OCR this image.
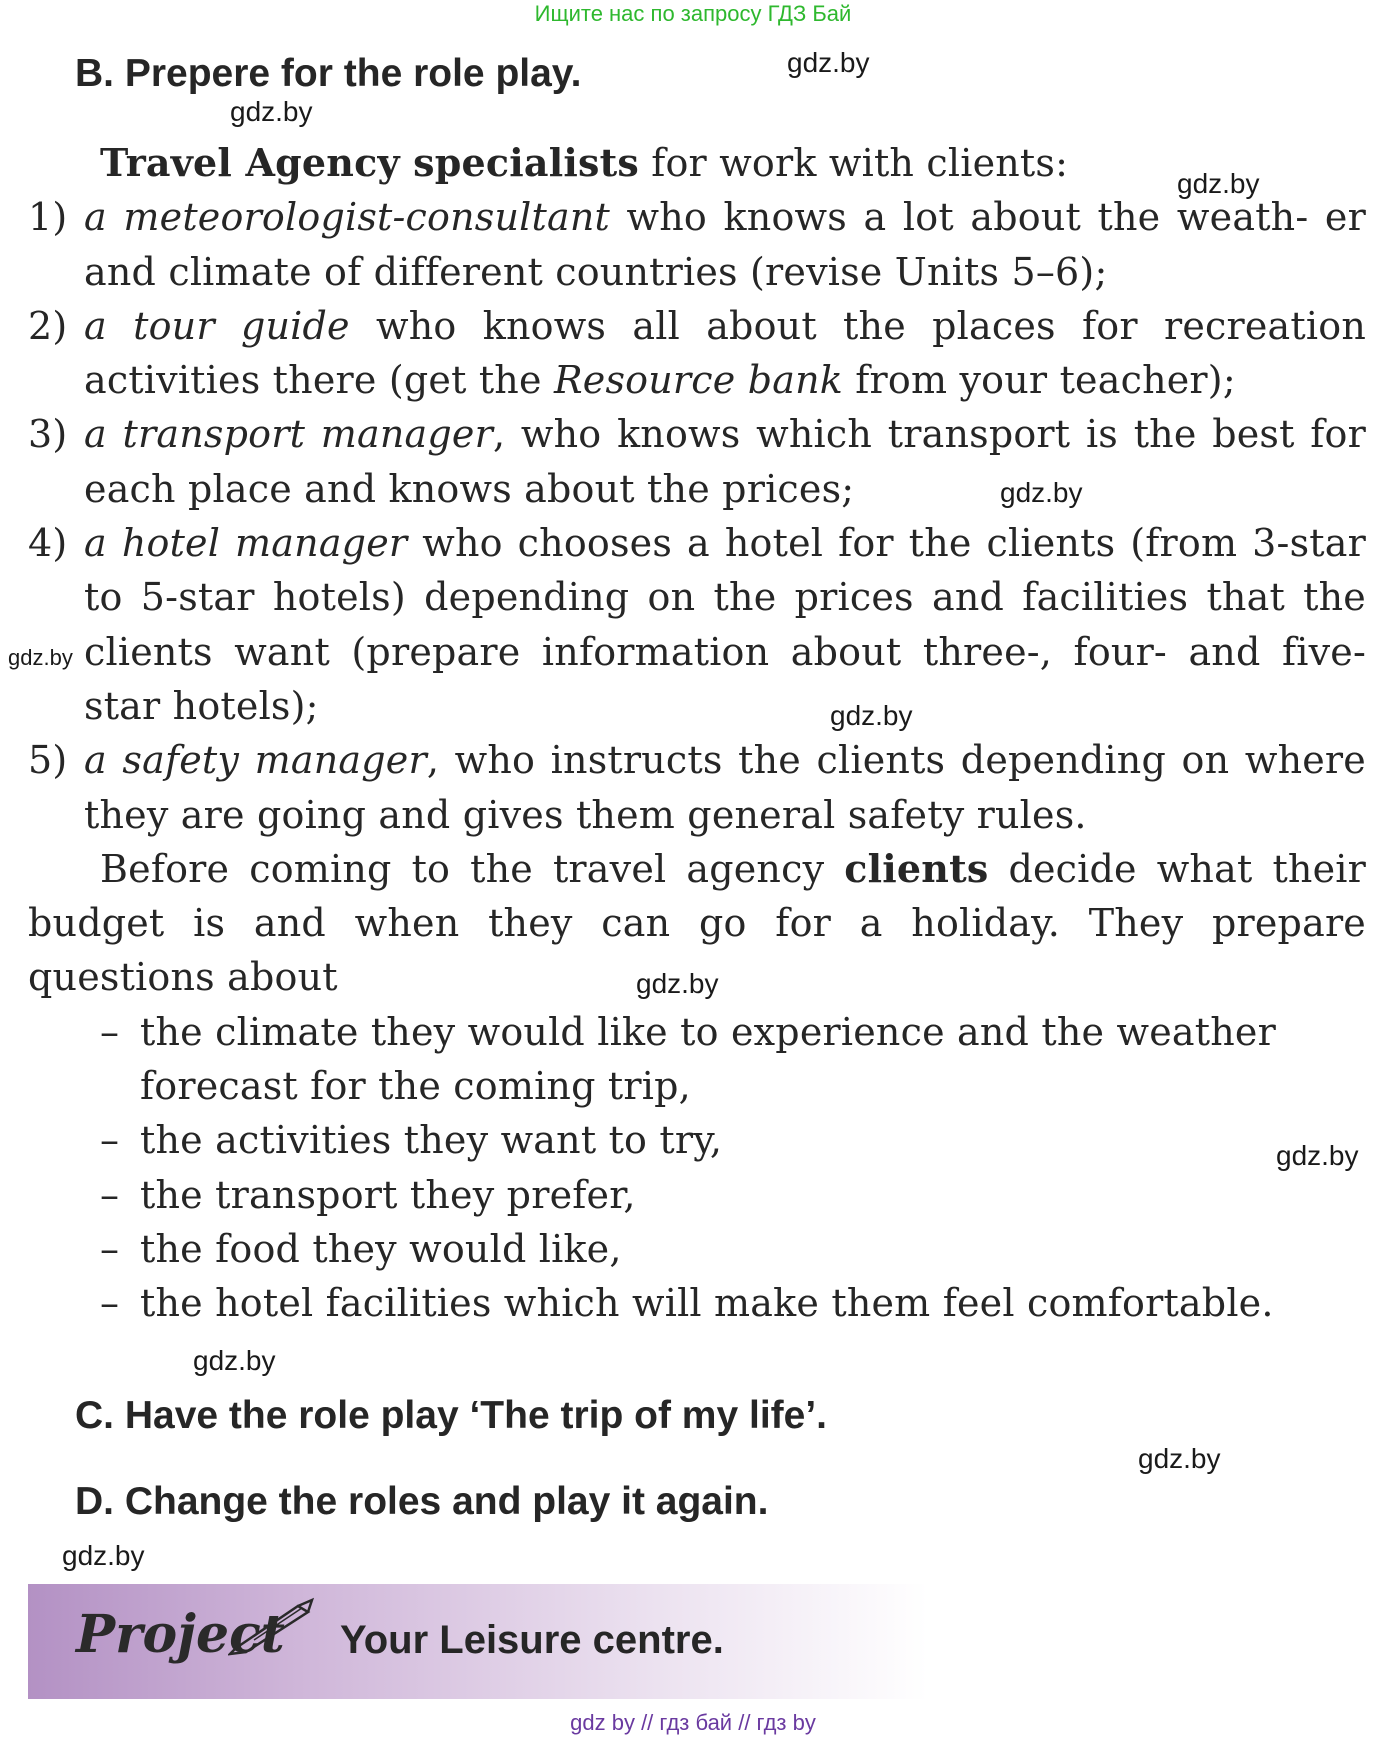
Ищите нас по запросу ГДЗ Бай
B. Prepere for the role play.	gdz.by
gdz.by
gdz.by
gdz.by
gdz.by
gdz.by
gdz.by
gdz.by
gdz.by
gdz.by
gdz.by

Travel Agency specialists for work with clients:

1) a meteorologist-consultant who knows a lot about the weath- er and climate of different countries (revise Units 5–6);
2) a tour guide who knows all about the places for recreation activities there (get the Resource bank from your teacher);
3) a transport manager, who knows which transport is the best for each place and knows about the prices;
4) a hotel manager who chooses a hotel for the clients (from 3-star to 5-star hotels) depending on the prices and facilities that the clients want (prepare information about three-, four- and five-star hotels);
5) a safety manager, who instructs the clients depending on where they are going and gives them general safety rules.

Before coming to the travel agency clients decide what their budget is and when they can go for a holiday. They prepare questions about

– the climate they would like to experience and the weather forecast for the coming trip,
– the activities they want to try,
– the transport they prefer,
– the food they would like,
– the hotel facilities which will make them feel comfortable.
C. Have the role play ‘The trip of my life’.
D. Change the roles and play it again.
Project Your Leisure centre.
gdz by // гдз бай // гдз by
